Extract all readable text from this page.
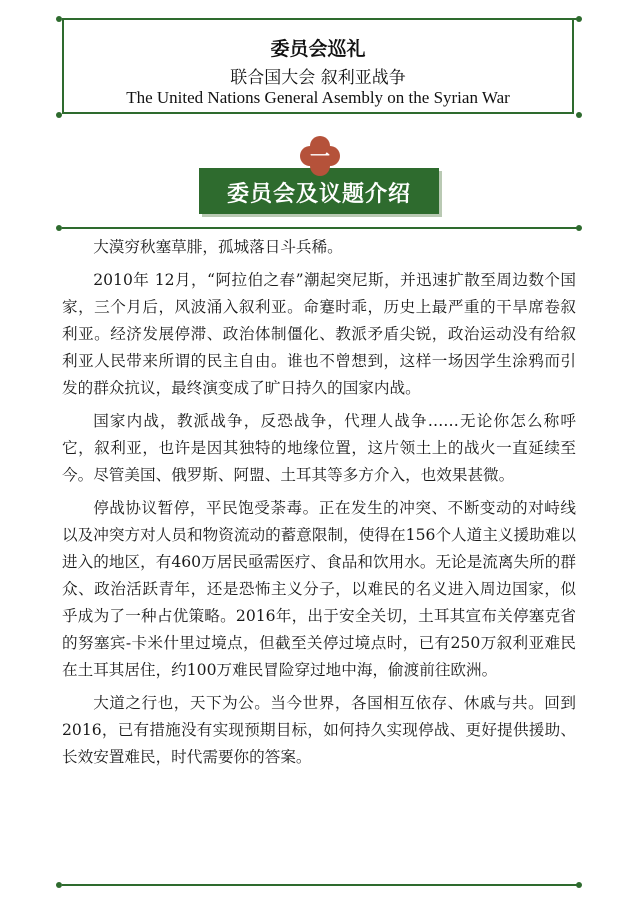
委员会巡礼
联合国大会 叙利亚战争
The United Nations General Asembly on the Syrian War
委员会及议题介绍
一

大漠穷秋塞草腓，孤城落日斗兵稀。

2010年 12月，“阿拉伯之春”潮起突尼斯，并迅速扩散至周边数个国家，三个月后，风波涌入叙利亚。命蹇时乖，历史上最严重的干旱席卷叙利亚。经济发展停滞、政治体制僵化、教派矛盾尖锐，政治运动没有给叙利亚人民带来所谓的民主自由。谁也不曾想到，这样一场因学生涂鸦而引发的群众抗议，最终演变成了旷日持久的国家内战。

国家内战，教派战争，反恐战争，代理人战争……无论你怎么称呼它，叙利亚，也许是因其独特的地缘位置，这片领土上的战火一直延续至今。尽管美国、俄罗斯、阿盟、土耳其等多方介入，也效果甚微。

停战协议暂停，平民饱受荼毒。正在发生的冲突、不断变动的对峙线以及冲突方对人员和物资流动的蓄意限制，使得在156个人道主义援助难以进入的地区，有460万居民亟需医疗、食品和饮用水。无论是流离失所的群众、政治活跃青年，还是恐怖主义分子，以难民的名义进入周边国家，似乎成为了一种占优策略。2016年，出于安全关切，土耳其宣布关停塞克省的努塞宾-卡米什里过境点，但截至关停过境点时，已有250万叙利亚难民在土耳其居住，约100万难民冒险穿过地中海，偷渡前往欧洲。

大道之行也，天下为公。当今世界，各国相互依存、休戚与共。回到2016，已有措施没有实现预期目标，如何持久实现停战、更好提供援助、长效安置难民，时代需要你的答案。
